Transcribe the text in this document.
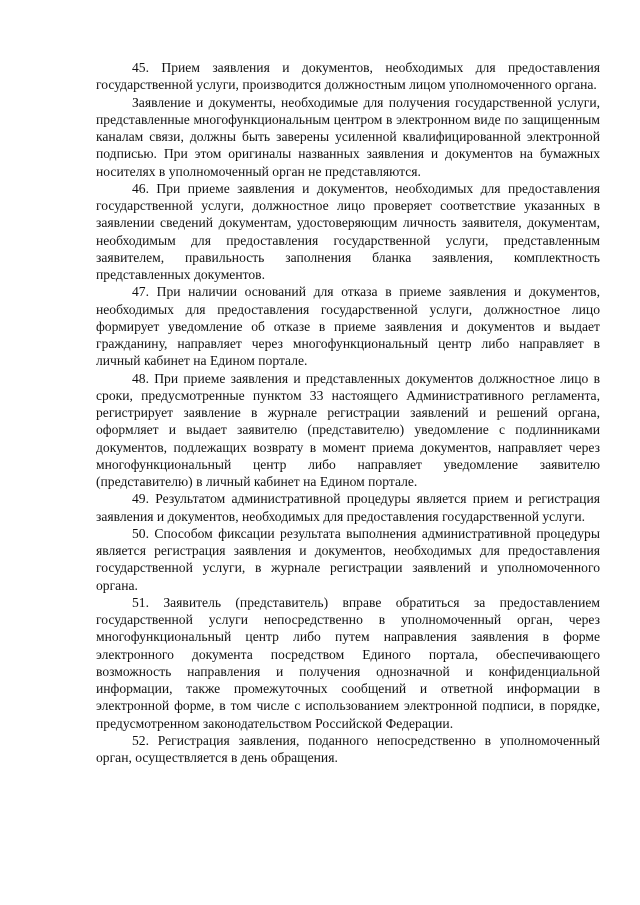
45. Прием заявления и документов, необходимых для предоставления государственной услуги, производится должностным лицом уполномоченного органа.

Заявление и документы, необходимые для получения государственной услуги, представленные многофункциональным центром в электронном виде по защищенным каналам связи, должны быть заверены усиленной квалифицированной электронной подписью. При этом оригиналы названных заявления и документов на бумажных носителях в уполномоченный орган не представляются.

46. При приеме заявления и документов, необходимых для предоставления государственной услуги, должностное лицо проверяет соответствие указанных в заявлении сведений документам, удостоверяющим личность заявителя, документам, необходимым для предоставления государственной услуги, представленным заявителем, правильность заполнения бланка заявления, комплектность представленных документов.

47. При наличии оснований для отказа в приеме заявления и документов, необходимых для предоставления государственной услуги, должностное лицо формирует уведомление об отказе в приеме заявления и документов и выдает гражданину, направляет через многофункциональный центр либо направляет в личный кабинет на Едином портале.

48. При приеме заявления и представленных документов должностное лицо в сроки, предусмотренные пунктом 33 настоящего Административного регламента, регистрирует заявление в журнале регистрации заявлений и решений органа, оформляет и выдает заявителю (представителю) уведомление с подлинниками документов, подлежащих возврату в момент приема документов, направляет через многофункциональный центр либо направляет уведомление заявителю (представителю) в личный кабинет на Едином портале.

49. Результатом административной процедуры является прием и регистрация заявления и документов, необходимых для предоставления государственной услуги.

50. Способом фиксации результата выполнения административной процедуры является регистрация заявления и документов, необходимых для предоставления государственной услуги, в журнале регистрации заявлений и уполномоченного органа.

51. Заявитель (представитель) вправе обратиться за предоставлением государственной услуги непосредственно в уполномоченный орган, через многофункциональный центр либо путем направления заявления в форме электронного документа посредством Единого портала, обеспечивающего возможность направления и получения однозначной и конфиденциальной информации, также промежуточных сообщений и ответной информации в электронной форме, в том числе с использованием электронной подписи, в порядке, предусмотренном законодательством Российской Федерации.

52. Регистрация заявления, поданного непосредственно в уполномоченный орган, осуществляется в день обращения.
